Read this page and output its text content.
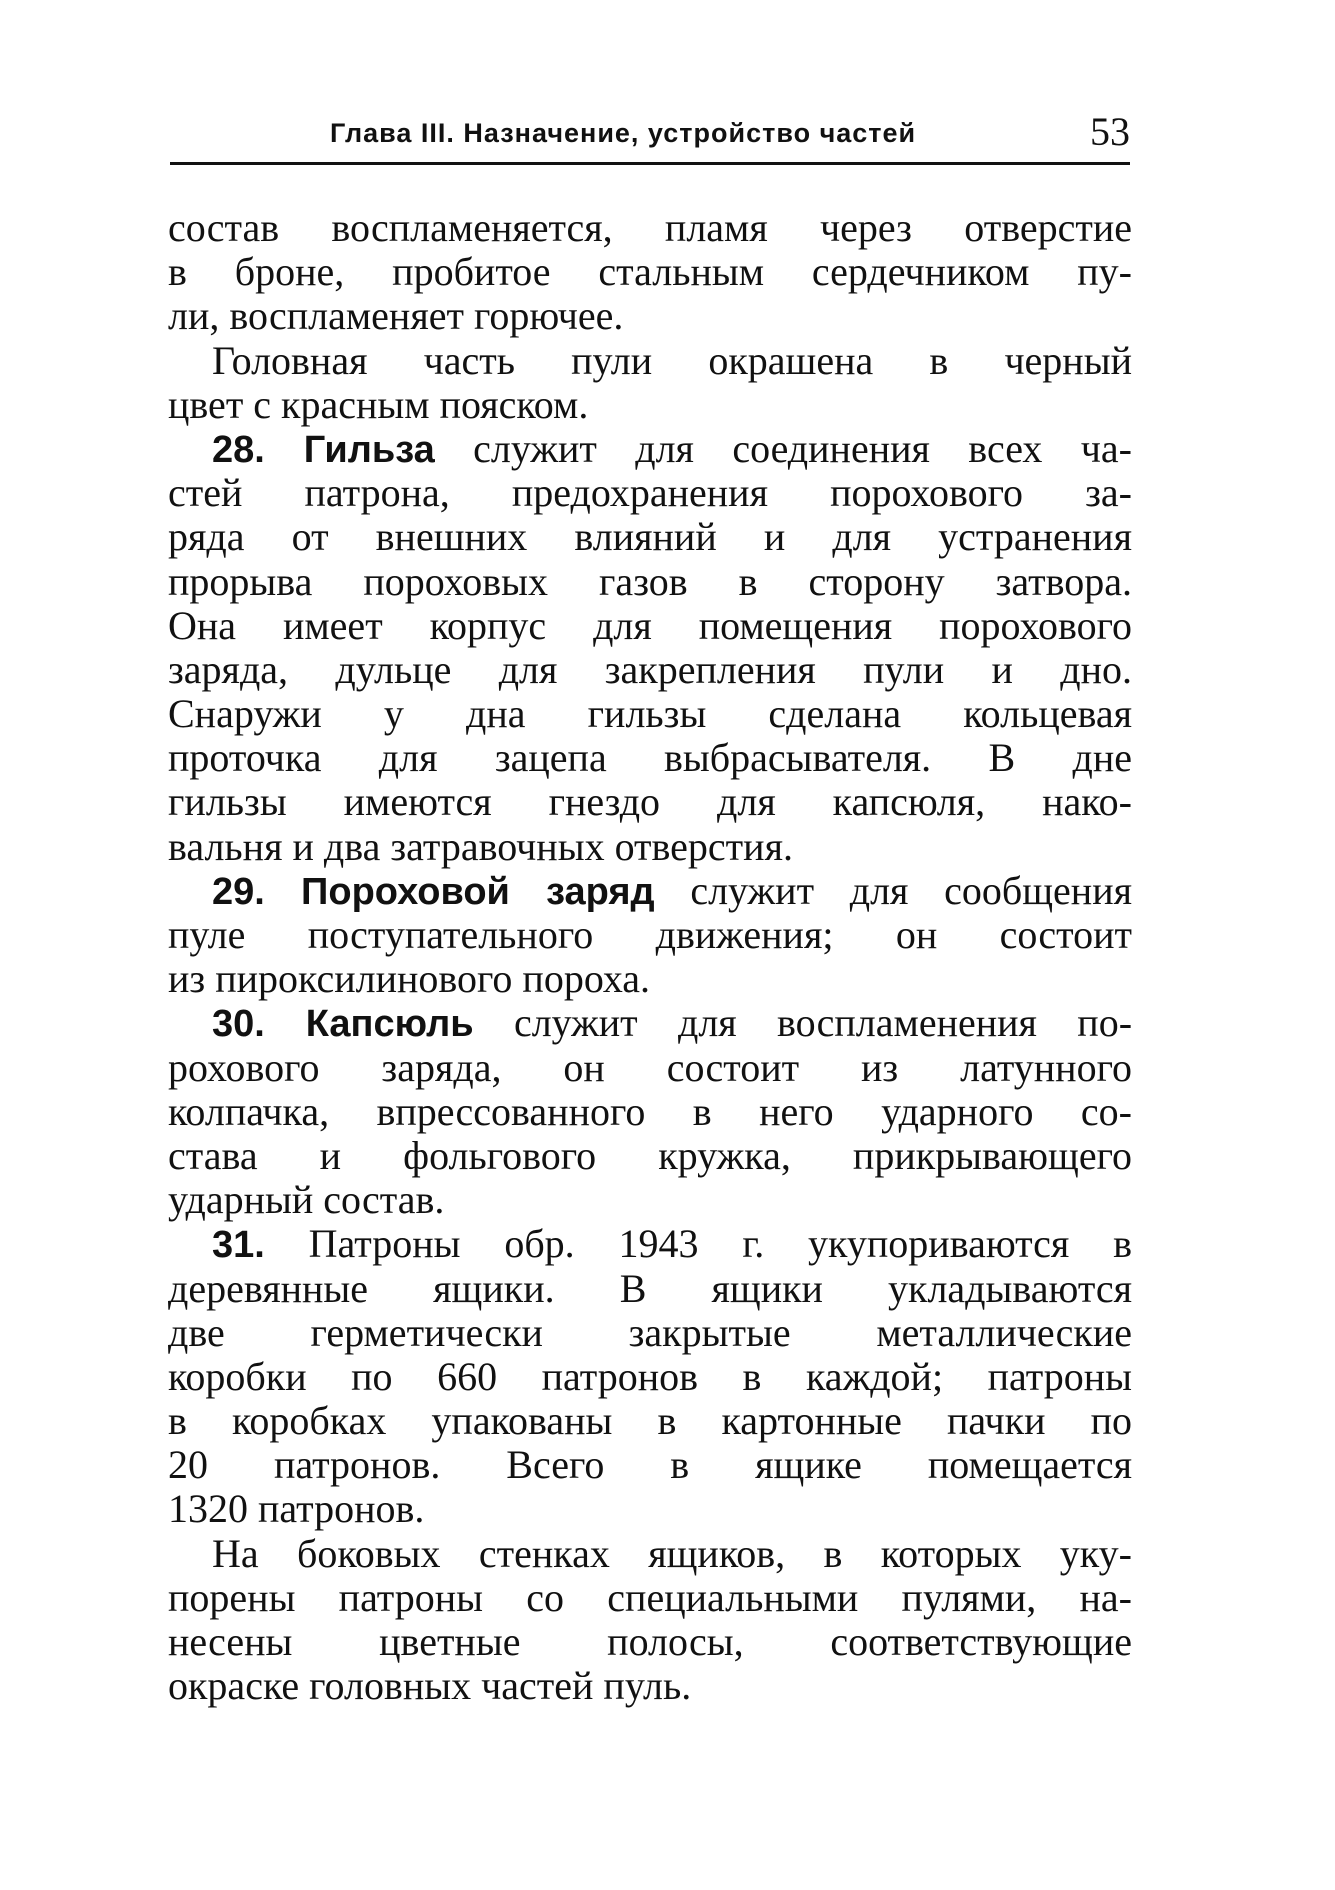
Глава III. Назначение, устройство частей	53
состав воспламеняется, пламя через отверстие
в броне, пробитое стальным сердечником пу-
ли, воспламеняет горючее.
Головная часть пули окрашена в черный
цвет с красным пояском.
28. Гильза служит для соединения всех ча-
стей патрона, предохранения порохового за-
ряда от внешних влияний и для устранения
прорыва пороховых газов в сторону затвора.
Она имеет корпус для помещения порохового
заряда, дульце для закрепления пули и дно.
Снаружи у дна гильзы сделана кольцевая
проточка для зацепа выбрасывателя. В дне
гильзы имеются гнездо для капсюля, нако-
вальня и два затравочных отверстия.
29. Пороховой заряд служит для сообщения
пуле поступательного движения; он состоит
из пироксилинового пороха.
30. Капсюль служит для воспламенения по-
рохового заряда, он состоит из латунного
колпачка, впрессованного в него ударного со-
става и фольгового кружка, прикрывающего
ударный состав.
31. Патроны обр. 1943 г. укупориваются в
деревянные ящики. В ящики укладываются
две герметически закрытые металлические
коробки по 660 патронов в каждой; патроны
в коробках упакованы в картонные пачки по
20 патронов. Всего в ящике помещается
1320 патронов.
На боковых стенках ящиков, в которых уку-
порены патроны со специальными пулями, на-
несены цветные полосы, соответствующие
окраске головных частей пуль.
